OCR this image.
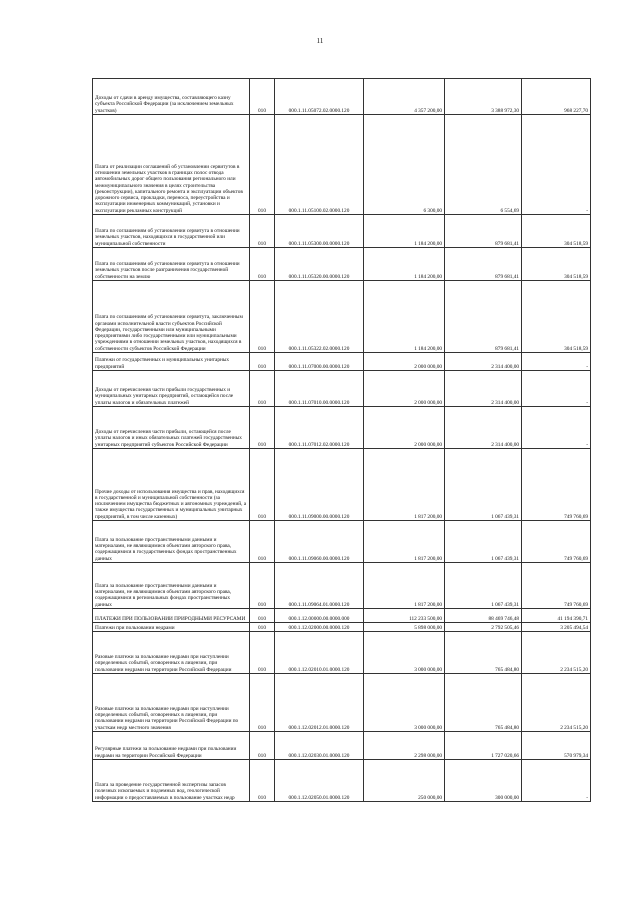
11
Доходы от сдачи в аренду имущества, составляющего казну субъекта Российской Федерации (за исключением земельных участков)	010	000.1.11.05072.02.0000.120	4 357 200,00	3 388 972,30	968 227,70
Плата от реализации соглашений об установлении сервитутов в отношении земельных участков в границах полос отвода автомобильных дорог общего пользования регионального или межмуниципального значения в целях строительства (реконструкции), капитального ремонта и эксплуатации объектов дорожного сервиса, прокладки, переноса, переустройства и эксплуатации инженерных коммуникаций, установки и эксплуатации рекламных конструкций	010	000.1.11.05100.02.0000.120	6 300,00	6 554,69	-
Плата по соглашениям об установлении сервитута в отношении земельных участков, находящихся в государственной или муниципальной собственности	010	000.1.11.05300.00.0000.120	1 184 200,00	879 681,41	304 518,59
Плата по соглашениям об установлении сервитута в отношении земельных участков после разграничения государственной собственности на землю	010	000.1.11.05320.00.0000.120	1 184 200,00	879 681,41	304 518,59
Плата по соглашениям об установлении сервитута, заключенным органами исполнительной власти субъектов Российской Федерации, государственными или муниципальными предприятиями либо государственными или муниципальными учреждениями в отношении земельных участков, находящихся в собственности субъектов Российской Федерации	010	000.1.11.05322.02.0000.120	1 184 200,00	879 681,41	304 518,59
Платежи от государственных и муниципальных унитарных предприятий	010	000.1.11.07000.00.0000.120	2 000 000,00	2 314 400,00	-
Доходы от перечисления части прибыли государственных и муниципальных унитарных предприятий, остающейся после уплаты налогов и обязательных платежей	010	000.1.11.07010.00.0000.120	2 000 000,00	2 314 400,00	-
Доходы от перечисления части прибыли, остающейся после уплаты налогов и иных обязательных платежей государственных унитарных предприятий субъектов Российской Федерации	010	000.1.11.07012.02.0000.120	2 000 000,00	2 314 400,00	-
Прочие доходы от использования имущества и прав, находящихся в государственной и муниципальной собственности (за исключением имущества бюджетных и автономных учреждений, а также имущества государственных и муниципальных унитарных предприятий, в том числе казенных)	010	000.1.11.09000.00.0000.120	1 817 200,00	1 067 439,31	749 760,69
Плата за пользование пространственными данными и материалами, не являющимися объектами авторского права, содержащимися в государственных фондах пространственных данных	010	000.1.11.09060.00.0000.120	1 817 200,00	1 067 439,31	749 760,69
Плата за пользование пространственными данными и материалами, не являющимися объектами авторского права, содержащимися в региональных фондах пространственных данных	010	000.1.11.09064.01.0000.120	1 817 200,00	1 067 439,31	749 760,69
ПЛАТЕЖИ ПРИ ПОЛЬЗОВАНИИ ПРИРОДНЫМИ РЕСУРСАМИ	010	000.1.12.00000.00.0000.000	112 233 500,00	88 469 746,48	41 194 390,71
Платежи при пользовании недрами	010	000.1.12.02000.00.0000.120	5 898 000,00	2 792 505,46	3 205 494,54
Разовые платежи за пользование недрами при наступлении определенных событий, оговоренных в лицензии, при пользовании недрами на территории Российской Федерации	010	000.1.12.02010.01.0000.120	3 000 000,00	765 484,80	2 234 515,20
Разовые платежи за пользование недрами при наступлении определенных событий, оговоренных в лицензии, при пользовании недрами на территории Российской Федерации по участкам недр местного значения	010	000.1.12.02012.01.0000.120	3 000 000,00	765 484,80	2 234 515,20
Регулярные платежи за пользование недрами при пользовании недрами на территории Российской Федерации	010	000.1.12.02030.01.0000.120	2 298 000,00	1 727 020,66	570 979,34
Плата за проведение государственной экспертизы запасов полезных ископаемых и подземных вод, геологической информации о предоставляемых в пользование участках недр	010	000.1.12.02050.01.0000.120	250 000,00	300 000,00	-
